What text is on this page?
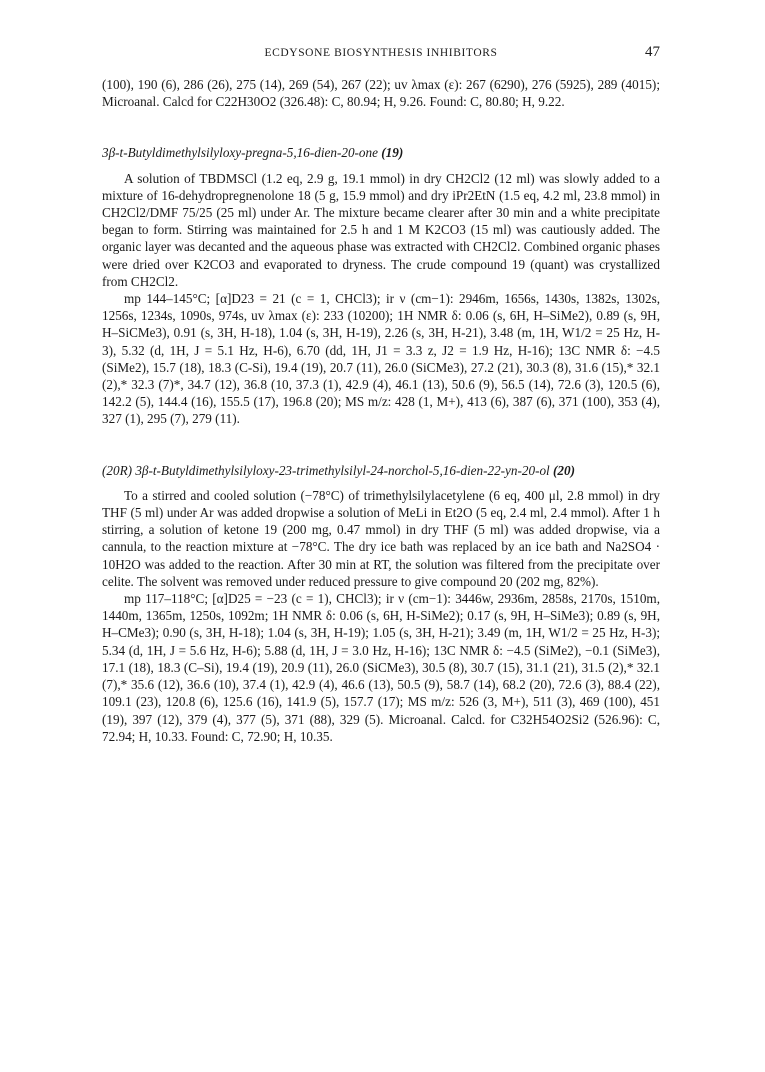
ECDYSONE BIOSYNTHESIS INHIBITORS	47

(100), 190 (6), 286 (26), 275 (14), 269 (54), 267 (22); uv λmax (ε): 267 (6290), 276 (5925), 289 (4015); Microanal. Calcd for C22H30O2 (326.48): C, 80.94; H, 9.26. Found: C, 80.80; H, 9.22.

3β-t-Butyldimethylsilyloxy-pregna-5,16-dien-20-one (19)

A solution of TBDMSCl (1.2 eq, 2.9 g, 19.1 mmol) in dry CH2Cl2 (12 ml) was slowly added to a mixture of 16-dehydropregnenolone 18 (5 g, 15.9 mmol) and dry iPr2EtN (1.5 eq, 4.2 ml, 23.8 mmol) in CH2Cl2/DMF 75/25 (25 ml) under Ar. The mixture became clearer after 30 min and a white precipitate began to form. Stirring was maintained for 2.5 h and 1 M K2CO3 (15 ml) was cautiously added. The organic layer was decanted and the aqueous phase was extracted with CH2Cl2. Combined organic phases were dried over K2CO3 and evaporated to dryness. The crude compound 19 (quant) was crystallized from CH2Cl2.

mp 144–145°C; [α]D23 = 21 (c = 1, CHCl3); ir ν (cm−1): 2946m, 1656s, 1430s, 1382s, 1302s, 1256s, 1234s, 1090s, 974s, uv λmax (ε): 233 (10200); 1H NMR δ: 0.06 (s, 6H, H–SiMe2), 0.89 (s, 9H, H–SiCMe3), 0.91 (s, 3H, H-18), 1.04 (s, 3H, H-19), 2.26 (s, 3H, H-21), 3.48 (m, 1H, W1/2 = 25 Hz, H-3), 5.32 (d, 1H, J = 5.1 Hz, H-6), 6.70 (dd, 1H, J1 = 3.3 z, J2 = 1.9 Hz, H-16); 13C NMR δ: −4.5 (SiMe2), 15.7 (18), 18.3 (C-Si), 19.4 (19), 20.7 (11), 26.0 (SiCMe3), 27.2 (21), 30.3 (8), 31.6 (15),* 32.1 (2),* 32.3 (7)*, 34.7 (12), 36.8 (10, 37.3 (1), 42.9 (4), 46.1 (13), 50.6 (9), 56.5 (14), 72.6 (3), 120.5 (6), 142.2 (5), 144.4 (16), 155.5 (17), 196.8 (20); MS m/z: 428 (1, M+), 413 (6), 387 (6), 371 (100), 353 (4), 327 (1), 295 (7), 279 (11).

(20R) 3β-t-Butyldimethylsilyloxy-23-trimethylsilyl-24-norchol-5,16-dien-22-yn-20-ol (20)

To a stirred and cooled solution (−78°C) of trimethylsilylacetylene (6 eq, 400 μl, 2.8 mmol) in dry THF (5 ml) under Ar was added dropwise a solution of MeLi in Et2O (5 eq, 2.4 ml, 2.4 mmol). After 1 h stirring, a solution of ketone 19 (200 mg, 0.47 mmol) in dry THF (5 ml) was added dropwise, via a cannula, to the reaction mixture at −78°C. The dry ice bath was replaced by an ice bath and Na2SO4 · 10H2O was added to the reaction. After 30 min at RT, the solution was filtered from the precipitate over celite. The solvent was removed under reduced pressure to give compound 20 (202 mg, 82%).

mp 117–118°C; [α]D25 = −23 (c = 1), CHCl3); ir ν (cm−1): 3446w, 2936m, 2858s, 2170s, 1510m, 1440m, 1365m, 1250s, 1092m; 1H NMR δ: 0.06 (s, 6H, H-SiMe2); 0.17 (s, 9H, H–SiMe3); 0.89 (s, 9H, H–CMe3); 0.90 (s, 3H, H-18); 1.04 (s, 3H, H-19); 1.05 (s, 3H, H-21); 3.49 (m, 1H, W1/2 = 25 Hz, H-3); 5.34 (d, 1H, J = 5.6 Hz, H-6); 5.88 (d, 1H, J = 3.0 Hz, H-16); 13C NMR δ: −4.5 (SiMe2), −0.1 (SiMe3), 17.1 (18), 18.3 (C–Si), 19.4 (19), 20.9 (11), 26.0 (SiCMe3), 30.5 (8), 30.7 (15), 31.1 (21), 31.5 (2),* 32.1 (7),* 35.6 (12), 36.6 (10), 37.4 (1), 42.9 (4), 46.6 (13), 50.5 (9), 58.7 (14), 68.2 (20), 72.6 (3), 88.4 (22), 109.1 (23), 120.8 (6), 125.6 (16), 141.9 (5), 157.7 (17); MS m/z: 526 (3, M+), 511 (3), 469 (100), 451 (19), 397 (12), 379 (4), 377 (5), 371 (88), 329 (5). Microanal. Calcd. for C32H54O2Si2 (526.96): C, 72.94; H, 10.33. Found: C, 72.90; H, 10.35.
